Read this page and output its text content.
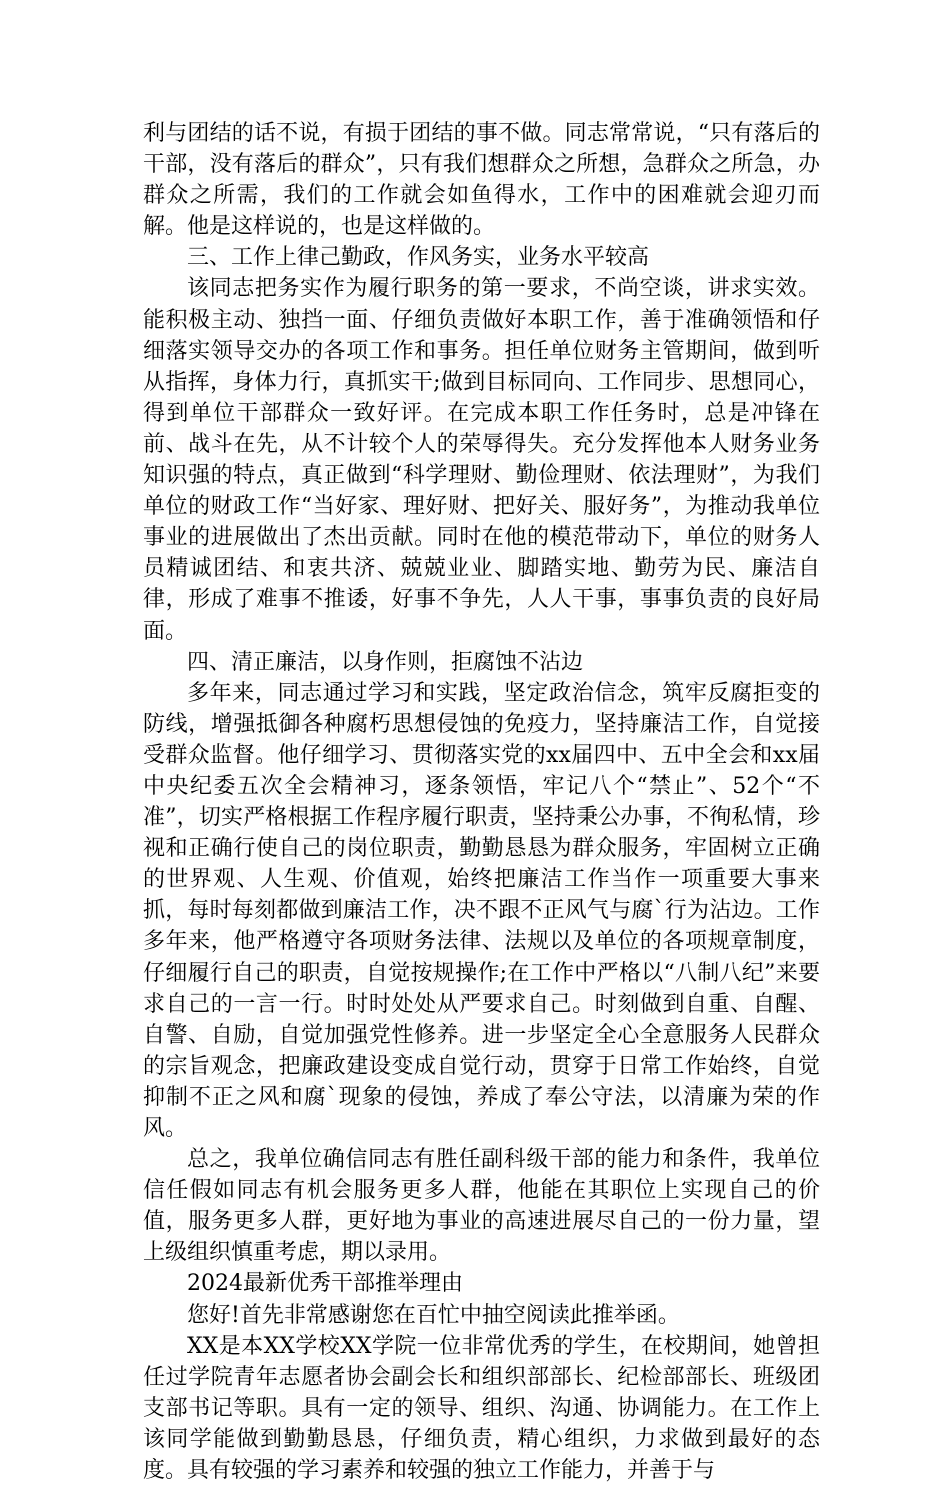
利与团结的话不说，有损于团结的事不做。同志常常说，“只有落后的干部，没有落后的群众”，只有我们想群众之所想，急群众之所急，办群众之所需，我们的工作就会如鱼得水，工作中的困难就会迎刃而解。他是这样说的，也是这样做的。

三、工作上律己勤政，作风务实，业务水平较高

该同志把务实作为履行职务的第一要求，不尚空谈，讲求实效。能积极主动、独挡一面、仔细负责做好本职工作，善于准确领悟和仔细落实领导交办的各项工作和事务。担任单位财务主管期间，做到听从指挥，身体力行，真抓实干;做到目标同向、工作同步、思想同心，得到单位干部群众一致好评。在完成本职工作任务时，总是冲锋在前、战斗在先，从不计较个人的荣辱得失。充分发挥他本人财务业务知识强的特点，真正做到“科学理财、勤俭理财、依法理财”，为我们单位的财政工作“当好家、理好财、把好关、服好务”，为推动我单位事业的进展做出了杰出贡献。同时在他的模范带动下，单位的财务人员精诚团结、和衷共济、兢兢业业、脚踏实地、勤劳为民、廉洁自律，形成了难事不推诿，好事不争先，人人干事，事事负责的良好局面。

四、清正廉洁，以身作则，拒腐蚀不沾边

多年来，同志通过学习和实践，坚定政治信念，筑牢反腐拒变的防线，增强抵御各种腐朽思想侵蚀的免疫力，坚持廉洁工作，自觉接受群众监督。他仔细学习、贯彻落实党的xx届四中、五中全会和xx届中央纪委五次全会精神习，逐条领悟，牢记八个“禁止”、52个“不准”，切实严格根据工作程序履行职责，坚持秉公办事，不徇私情，珍视和正确行使自己的岗位职责，勤勤恳恳为群众服务，牢固树立正确的世界观、人生观、价值观，始终把廉洁工作当作一项重要大事来抓，每时每刻都做到廉洁工作，决不跟不正风气与腐`行为沾边。工作多年来，他严格遵守各项财务法律、法规以及单位的各项规章制度，仔细履行自己的职责，自觉按规操作;在工作中严格以“八制八纪”来要求自己的一言一行。时时处处从严要求自己。时刻做到自重、自醒、自警、自励，自觉加强党性修养。进一步坚定全心全意服务人民群众的宗旨观念，把廉政建设变成自觉行动，贯穿于日常工作始终，自觉抑制不正之风和腐`现象的侵蚀，养成了奉公守法，以清廉为荣的作风。

总之，我单位确信同志有胜任副科级干部的能力和条件，我单位信任假如同志有机会服务更多人群，他能在其职位上实现自己的价值，服务更多人群，更好地为事业的高速进展尽自己的一份力量，望上级组织慎重考虑，期以录用。

2024最新优秀干部推举理由

您好!首先非常感谢您在百忙中抽空阅读此推举函。

XX是本XX学校XX学院一位非常优秀的学生，在校期间，她曾担任过学院青年志愿者协会副会长和组织部部长、纪检部部长、班级团支部书记等职。具有一定的领导、组织、沟通、协调能力。在工作上该同学能做到勤勤恳恳，仔细负责，精心组织，力求做到最好的态度。具有较强的学习素养和较强的独立工作能力，并善于与
